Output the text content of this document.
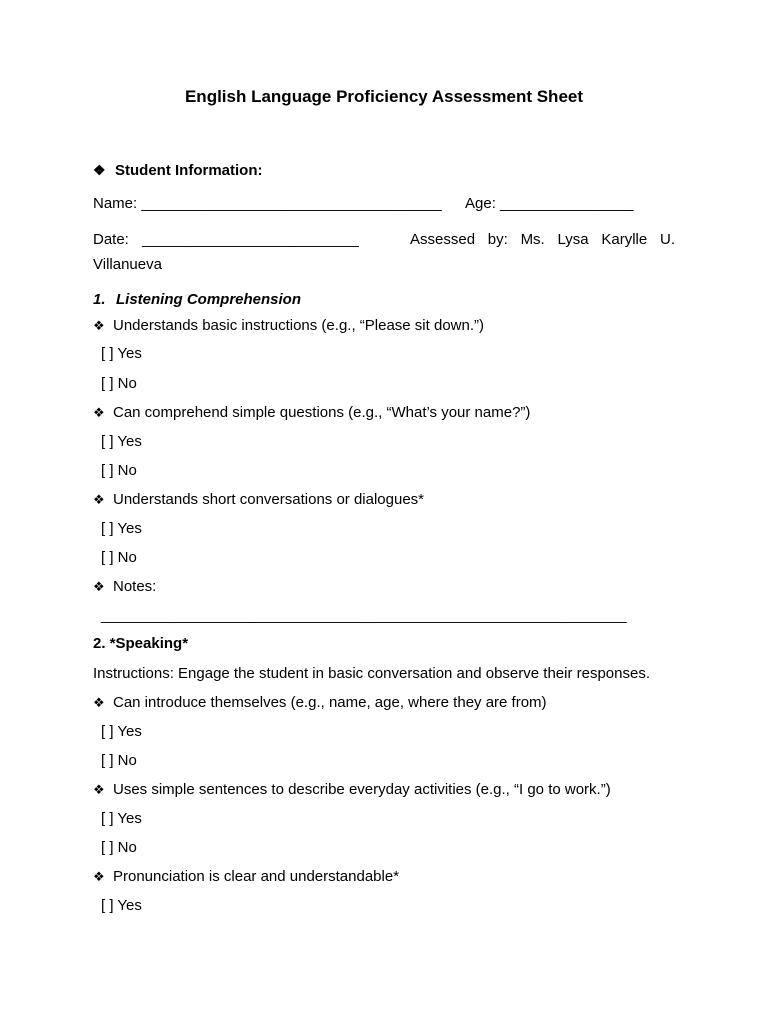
English Language Proficiency Assessment Sheet
❖ Student Information:
Name: ____________________________________ Age: ________________
Date: __________________________	Assessed by: Ms. Lysa Karylle U.
Villanueva
1. Listening Comprehension
❖ Understands basic instructions (e.g., “Please sit down.”)
[ ] Yes
[ ] No
❖ Can comprehend simple questions (e.g., “What’s your name?”)
[ ] Yes
[ ] No
❖ Understands short conversations or dialogues*
[ ] Yes
[ ] No
❖ Notes:
_______________________________________________________________
2. *Speaking*
Instructions: Engage the student in basic conversation and observe their responses.
❖ Can introduce themselves (e.g., name, age, where they are from)
[ ] Yes
[ ] No
❖ Uses simple sentences to describe everyday activities (e.g., “I go to work.”)
[ ] Yes
[ ] No
❖ Pronunciation is clear and understandable*
[ ] Yes
